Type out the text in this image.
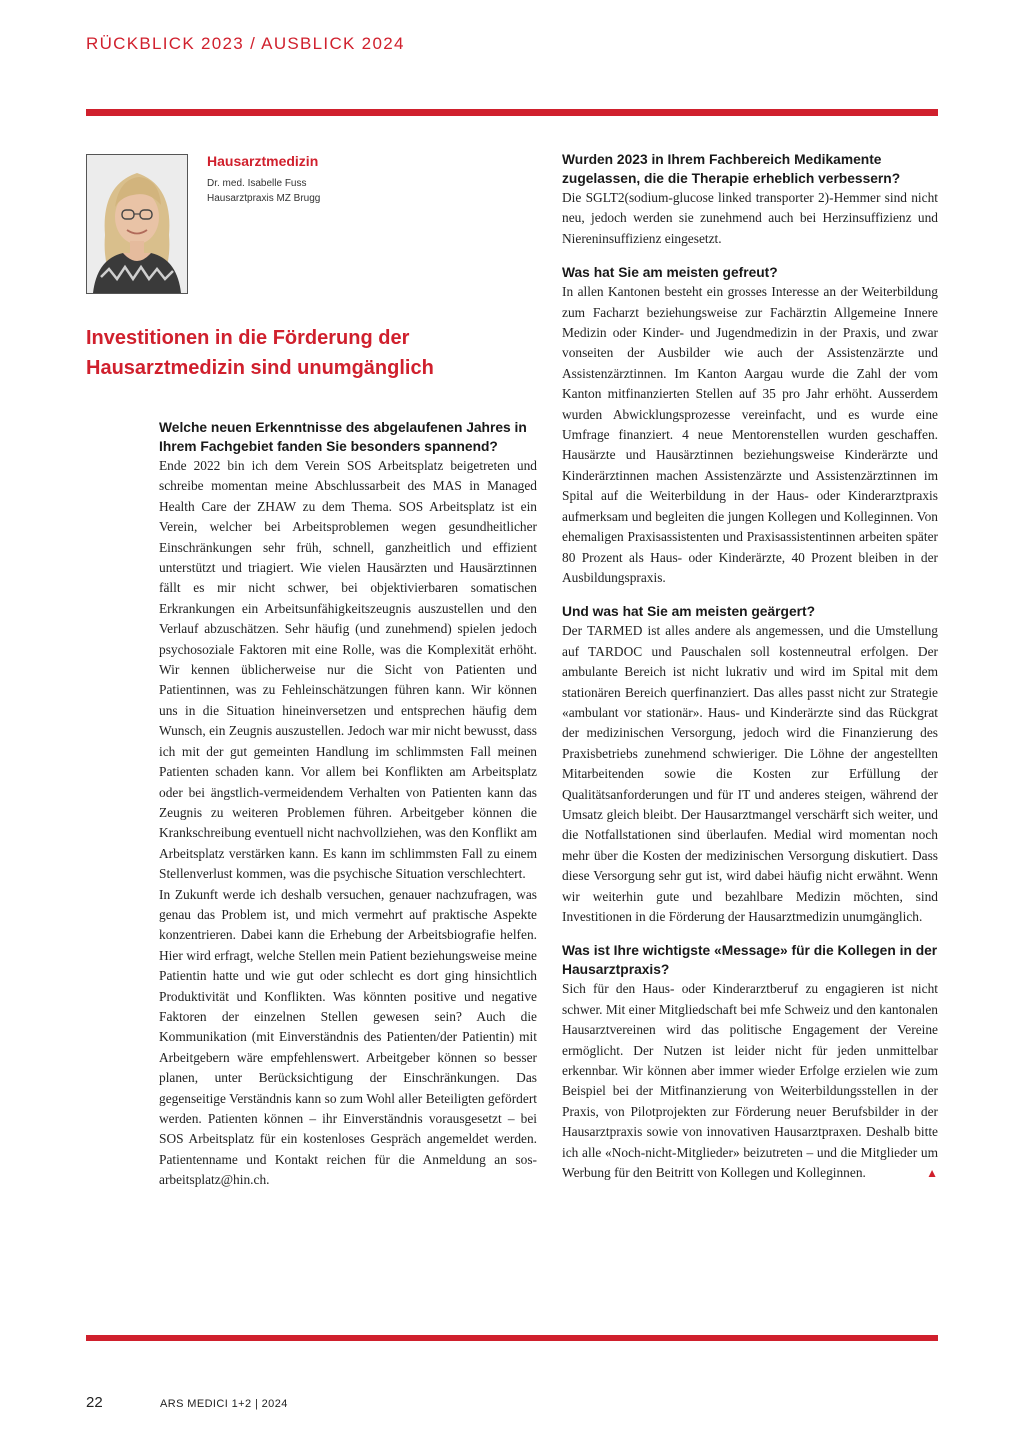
RÜCKBLICK 2023 / AUSBLICK 2024
Hausarztmedizin
Dr. med. Isabelle Fuss
Hausarztpraxis MZ Brugg
Investitionen in die Förderung der Hausarztmedizin sind unumgänglich

Welche neuen Erkenntnisse des abgelaufenen Jahres in Ihrem Fachgebiet fanden Sie besonders spannend?

Ende 2022 bin ich dem Verein SOS Arbeitsplatz beigetreten und schreibe momentan meine Abschlussarbeit des MAS in Managed Health Care der ZHAW zu dem Thema. SOS Arbeitsplatz ist ein Verein, welcher bei Arbeitsproblemen wegen gesundheitlicher Einschränkungen sehr früh, schnell, ganzheitlich und effizient unterstützt und triagiert. Wie vielen Hausärzten und Hausärztinnen fällt es mir nicht schwer, bei objektivierbaren somatischen Erkrankungen ein Arbeitsunfähigkeitszeugnis auszustellen und den Verlauf abzuschätzen. Sehr häufig (und zunehmend) spielen jedoch psychosoziale Faktoren mit eine Rolle, was die Komplexität erhöht. Wir kennen üblicherweise nur die Sicht von Patienten und Patientinnen, was zu Fehleinschätzungen führen kann. Wir können uns in die Situation hineinversetzen und entsprechen häufig dem Wunsch, ein Zeugnis auszustellen. Jedoch war mir nicht bewusst, dass ich mit der gut gemeinten Handlung im schlimmsten Fall meinen Patienten schaden kann. Vor allem bei Konflikten am Arbeitsplatz oder bei ängstlich-vermeidendem Verhalten von Patienten kann das Zeugnis zu weiteren Problemen führen. Arbeitgeber können die Krankschreibung eventuell nicht nachvollziehen, was den Konflikt am Arbeitsplatz verstärken kann. Es kann im schlimmsten Fall zu einem Stellenverlust kommen, was die psychische Situation verschlechtert.

In Zukunft werde ich deshalb versuchen, genauer nachzufragen, was genau das Problem ist, und mich vermehrt auf praktische Aspekte konzentrieren. Dabei kann die Erhebung der Arbeitsbiografie helfen. Hier wird erfragt, welche Stellen mein Patient beziehungsweise meine Patientin hatte und wie gut oder schlecht es dort ging hinsichtlich Produktivität und Konflikten. Was könnten positive und negative Faktoren der einzelnen Stellen gewesen sein? Auch die Kommunikation (mit Einverständnis des Patienten/der Patientin) mit Arbeitgebern wäre empfehlenswert. Arbeitgeber können so besser planen, unter Berücksichtigung der Einschränkungen. Das gegenseitige Verständnis kann so zum Wohl aller Beteiligten gefördert werden. Patienten können – ihr Einverständnis vorausgesetzt – bei SOS Arbeitsplatz für ein kostenloses Gespräch angemeldet werden. Patientenname und Kontakt reichen für die Anmeldung an sos-arbeitsplatz@hin.ch.

Wurden 2023 in Ihrem Fachbereich Medikamente zugelassen, die die Therapie erheblich verbessern?

Die SGLT2(sodium-glucose linked transporter 2)-Hemmer sind nicht neu, jedoch werden sie zunehmend auch bei Herzinsuffizienz und Niereninsuffizienz eingesetzt.

Was hat Sie am meisten gefreut?

In allen Kantonen besteht ein grosses Interesse an der Weiterbildung zum Facharzt beziehungsweise zur Fachärztin Allgemeine Innere Medizin oder Kinder- und Jugendmedizin in der Praxis, und zwar vonseiten der Ausbilder wie auch der Assistenzärzte und Assistenzärztinnen. Im Kanton Aargau wurde die Zahl der vom Kanton mitfinanzierten Stellen auf 35 pro Jahr erhöht. Ausserdem wurden Abwicklungsprozesse vereinfacht, und es wurde eine Umfrage finanziert. 4 neue Mentorenstellen wurden geschaffen. Hausärzte und Hausärztinnen beziehungsweise Kinderärzte und Kinderärztinnen machen Assistenzärzte und Assistenzärztinnen im Spital auf die Weiterbildung in der Haus- oder Kinderarztpraxis aufmerksam und begleiten die jungen Kollegen und Kolleginnen. Von ehemaligen Praxisassistenten und Praxisassistentinnen arbeiten später 80 Prozent als Haus- oder Kinderärzte, 40 Prozent bleiben in der Ausbildungspraxis.

Und was hat Sie am meisten geärgert?

Der TARMED ist alles andere als angemessen, und die Umstellung auf TARDOC und Pauschalen soll kostenneutral erfolgen. Der ambulante Bereich ist nicht lukrativ und wird im Spital mit dem stationären Bereich querfinanziert. Das alles passt nicht zur Strategie «ambulant vor stationär». Haus- und Kinderärzte sind das Rückgrat der medizinischen Versorgung, jedoch wird die Finanzierung des Praxisbetriebs zunehmend schwieriger. Die Löhne der angestellten Mitarbeitenden sowie die Kosten zur Erfüllung der Qualitätsanforderungen und für IT und anderes steigen, während der Umsatz gleich bleibt. Der Hausarztmangel verschärft sich weiter, und die Notfallstationen sind überlaufen. Medial wird momentan noch mehr über die Kosten der medizinischen Versorgung diskutiert. Dass diese Versorgung sehr gut ist, wird dabei häufig nicht erwähnt. Wenn wir weiterhin gute und bezahlbare Medizin möchten, sind Investitionen in die Förderung der Hausarztmedizin unumgänglich.

Was ist Ihre wichtigste «Message» für die Kollegen in der Hausarztpraxis?

Sich für den Haus- oder Kinderarztberuf zu engagieren ist nicht schwer. Mit einer Mitgliedschaft bei mfe Schweiz und den kantonalen Hausarztvereinen wird das politische Engagement der Vereine ermöglicht. Der Nutzen ist leider nicht für jeden unmittelbar erkennbar. Wir können aber immer wieder Erfolge erzielen wie zum Beispiel bei der Mitfinanzierung von Weiterbildungsstellen in der Praxis, von Pilotprojekten zur Förderung neuer Berufsbilder in der Hausarztpraxis sowie von innovativen Hausarztpraxen. Deshalb bitte ich alle «Noch-nicht-Mitglieder» beizutreten – und die Mitglieder um Werbung für den Beitritt von Kollegen und Kolleginnen.	▲

22	ARS MEDICI 1+2 | 2024
